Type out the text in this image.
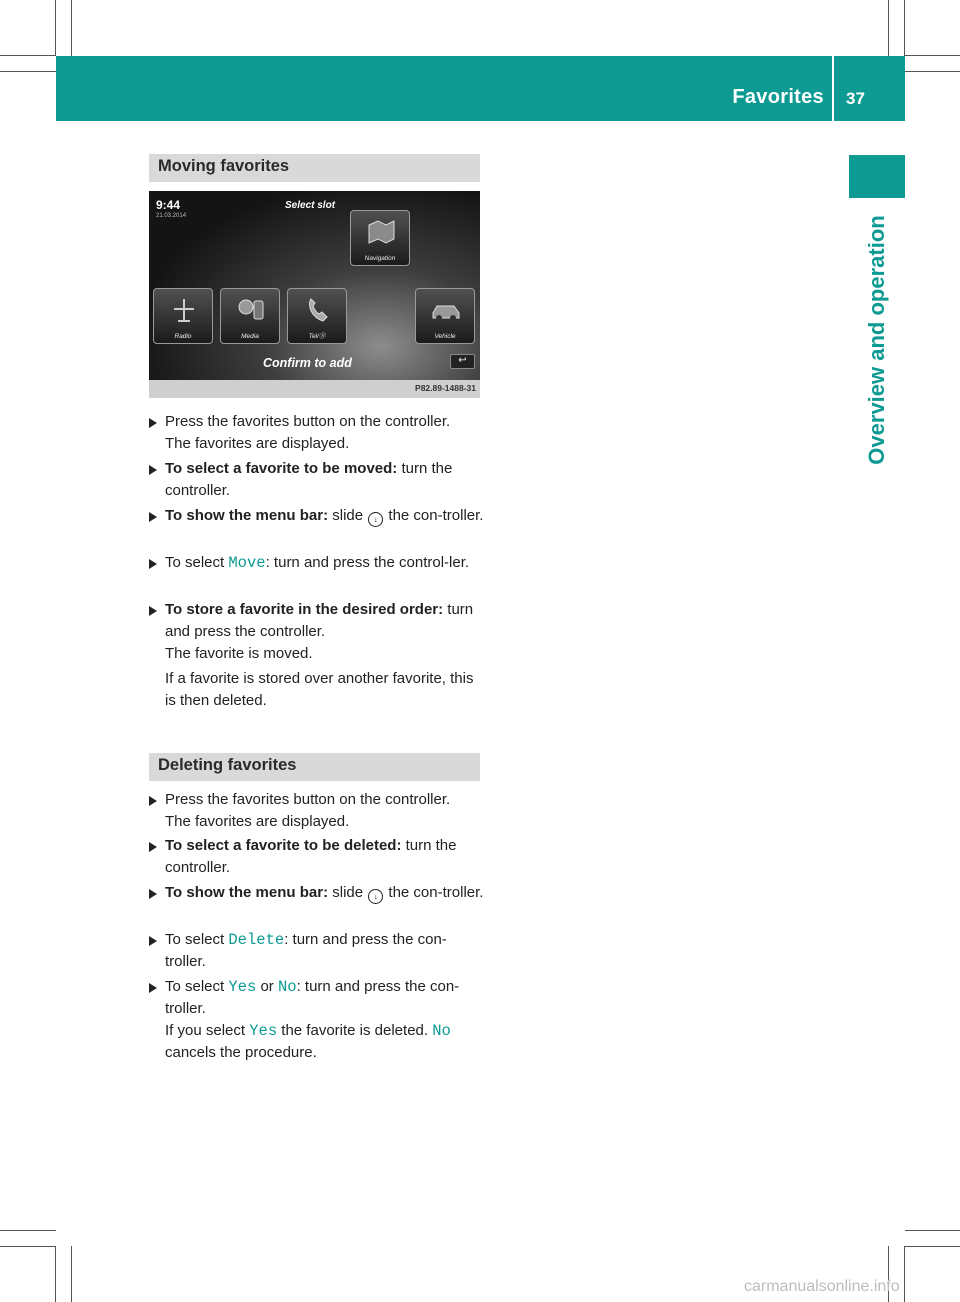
Favorites 37
Overview and operation
Moving favorites
9:44
21.03.2014
Select slot
Navigation
Radio	Media	Tel/Ⓑ	Vehicle
Confirm to add	↩
P82.89-1488-31

Press the favorites button on the controller.

The favorites are displayed.

To select a favorite to be moved: turn the controller.

To show the menu bar: slide ↓ the con-troller.

To select Move: turn and press the control-ler.

To store a favorite in the desired order: turn and press the controller.

The favorite is moved.

If a favorite is stored over another favorite, this is then deleted.

Deleting favorites

Press the favorites button on the controller.

The favorites are displayed.

To select a favorite to be deleted: turn the controller.

To show the menu bar: slide ↓ the con-troller.

To select Delete: turn and press the con-troller.

To select Yes or No: turn and press the con-troller.

If you select Yes the favorite is deleted. No cancels the procedure.

carmanualsonline.info
